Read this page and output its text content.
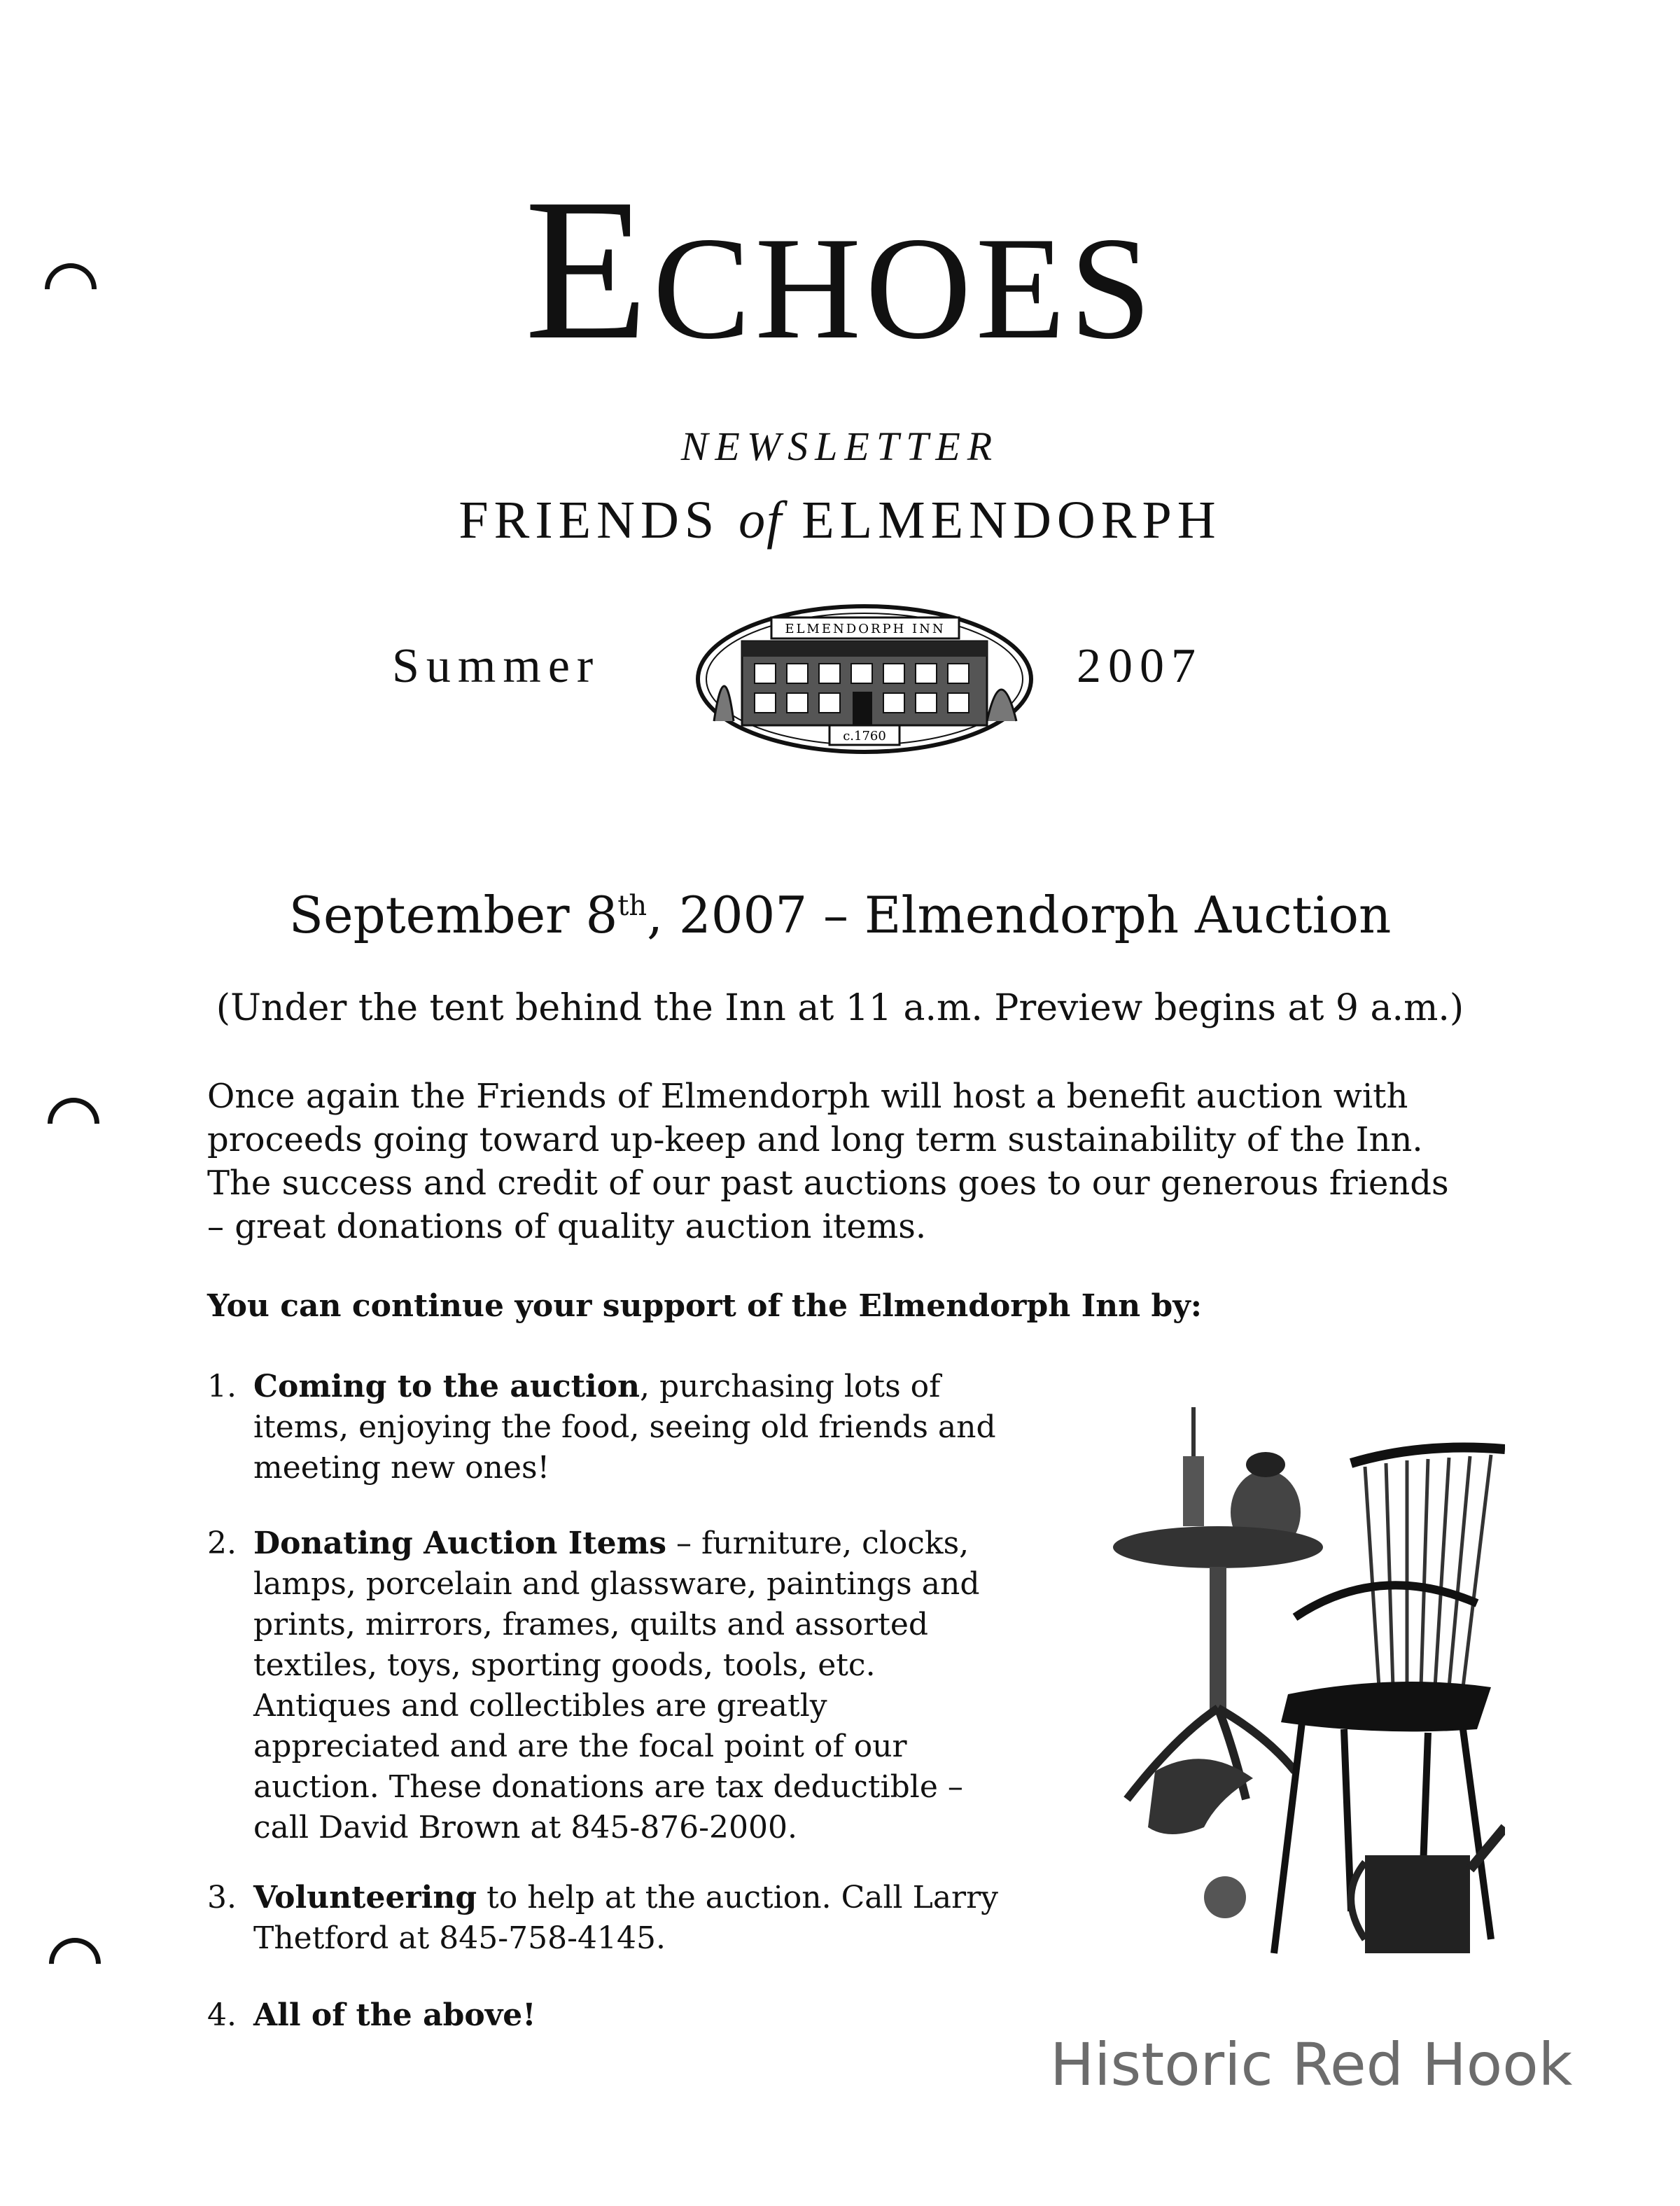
ECHOES
NEWSLETTER
FRIENDS of ELMENDORPH
Summer	2007
ELMENDORPH INN
c.1760
September 8th, 2007 – Elmendorph Auction
(Under the tent behind the Inn at 11 a.m. Preview begins at 9 a.m.)
Once again the Friends of Elmendorph will host a benefit auction with
proceeds going toward up-keep and long term sustainability of the Inn.
The success and credit of our past auctions goes to our generous friends
– great donations of quality auction items.
You can continue your support of the Elmendorph Inn by:
1. Coming to the auction, purchasing lots of
items, enjoying the food, seeing old friends and
meeting new ones!
2. Donating Auction Items – furniture, clocks,
lamps, porcelain and glassware, paintings and
prints, mirrors, frames, quilts and assorted
textiles, toys, sporting goods, tools, etc.
Antiques and collectibles are greatly
appreciated and are the focal point of our
auction. These donations are tax deductible –
call David Brown at 845-876-2000.
3. Volunteering to help at the auction. Call Larry
Thetford at 845-758-4145.
4. All of the above!
Historic Red Hook
